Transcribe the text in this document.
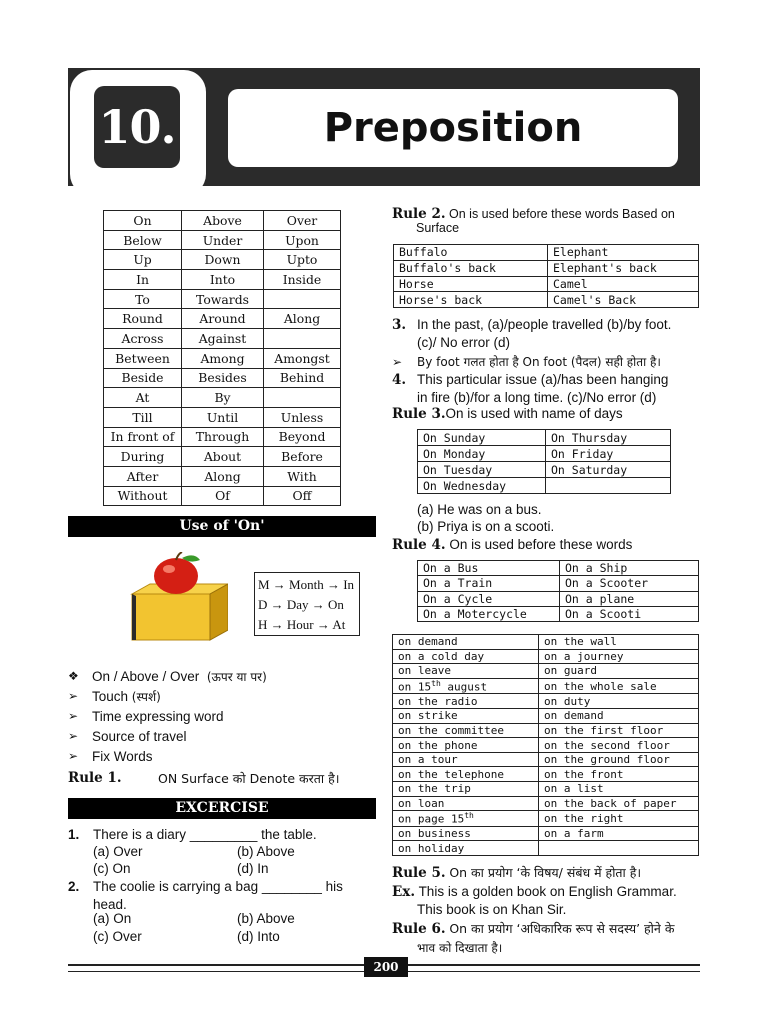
10.	Preposition
On	Above	Over
Below	Under	Upon
Up	Down	Upto
In	Into	Inside
To	Towards	
Round	Around	Along
Across	Against	
Between	Among	Amongst
Beside	Besides	Behind
At	By	
Till	Until	Unless
In front of	Through	Beyond
During	About	Before
After	Along	With
Without	Of	Off
Use of 'On'
M → Month → In
D → Day → On
H → Hour → At
❖ On / Above / Over
(ऊपर या पर)
➢	Touch
(स्पर्श)
➢	Time expressing word
➢	Source of travel
➢	Fix Words
Rule 1.	ON Surface को Denote करता है।
EXCERCISE
1. There is a diary _________ the table.
(a) Over	(b) Above
(c) On	(d) In
2. The coolie is carrying a bag ________ his
head.
(a) On	(b) Above
(c) Over	(d) Into
Rule 2. On is used before these words Based on
Surface
Buffalo	Elephant
Buffalo's back	Elephant's back
Horse	Camel
Horse's back	Camel's Back
3. In the past, (a)/people travelled (b)/by foot.
(c)/ No error (d)
➢ By foot गलत होता है On foot (पैदल) सही होता है।
4. This particular issue (a)/has been hanging
in fire (b)/for a long time. (c)/No error (d)
Rule 3.On is used with name of days
On Sunday	On Thursday
On Monday	On Friday
On Tuesday	On Saturday
On Wednesday	
(a) He was on a bus.
(b) Priya is on a scooti.
Rule 4. On is used before these words
On a Bus	On a Ship
On a Train	On a Scooter
On a Cycle	On a plane
On a Motercycle	On a Scooti
on demand	on the wall
on a cold day	on a journey
on leave	on guard
on 15th august	on the whole sale
on the radio	on duty
on strike	on demand
on the committee	on the first floor
on the phone	on the second floor
on a tour	on the ground floor
on the telephone	on the front
on the trip	on a list
on loan	on the back of paper
on page 15th	on the right
on business	on a farm
on holiday	
Rule 5. On का प्रयोग ‘के विषय/ संबंध में होता है।
Ex. This is a golden book on English Grammar.
This book is on Khan Sir.
Rule 6. On का प्रयोग ‘अधिकारिक रूप से सदस्य’ होने के
भाव को दिखाता है।
200
